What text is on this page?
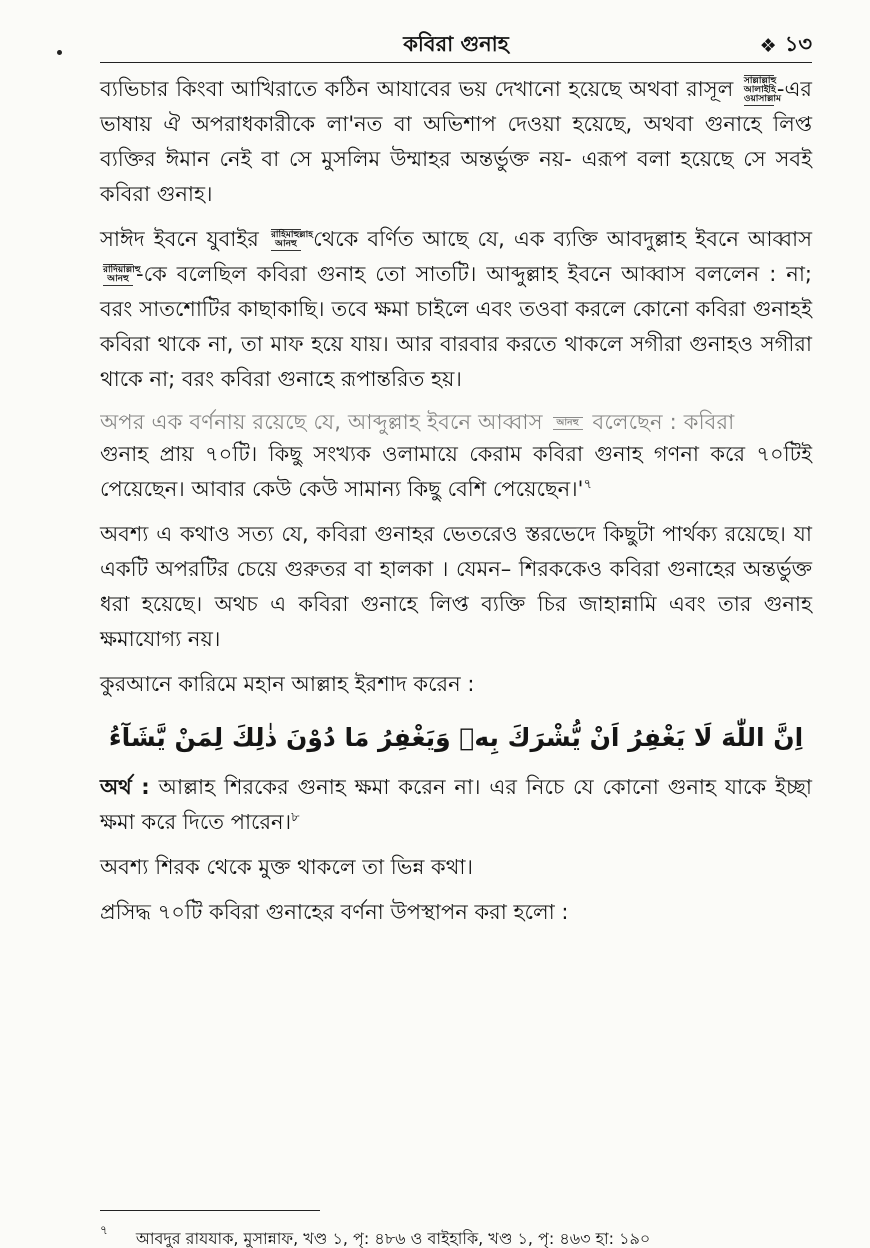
কবিরা গুনাহ	❖ ১৩

ব্যভিচার কিংবা আখিরাতে কঠিন আযাবের ভয় দেখানো হয়েছে অথবা রাসূল সাল্লাল্লাহু আলাইহি ওয়াসাল্লাম-এর ভাষায় ঐ অপরাধকারীকে লা'নত বা অভিশাপ দেওয়া হয়েছে, অথবা গুনাহে লিপ্ত ব্যক্তির ঈমান নেই বা সে মুসলিম উম্মাহর অন্তর্ভুক্ত নয়- এরূপ বলা হয়েছে সে সবই কবিরা গুনাহ।

সাঈদ ইবনে যুবাইর রাহিমাহুল্লাহ আনহু থেকে বর্ণিত আছে যে, এক ব্যক্তি আবদুল্লাহ ইবনে আব্বাস রাদিয়াল্লাহু আনহু -কে বলেছিল কবিরা গুনাহ তো সাতটি। আব্দুল্লাহ ইবনে আব্বাস বললেন : না; বরং সাতশোটির কাছাকাছি। তবে ক্ষমা চাইলে এবং তওবা করলে কোনো কবিরা গুনাহই কবিরা থাকে না, তা মাফ হয়ে যায়। আর বারবার করতে থাকলে সগীরা গুনাহও সগীরা থাকে না; বরং কবিরা গুনাহে রূপান্তরিত হয়।

অপর এক বর্ণনায় রয়েছে যে, আব্দুল্লাহ ইবনে আব্বাস আনহু বলেছেন : কবিরা

গুনাহ প্রায় ৭০টি। কিছু সংখ্যক ওলামায়ে কেরাম কবিরা গুনাহ গণনা করে ৭০টিই পেয়েছেন। আবার কেউ কেউ সামান্য কিছু বেশি $পেয়েছেন।'^৭$

অবশ্য এ কথাও সত্য যে, কবিরা গুনাহর ভেতরেও স্তরভেদে কিছুটা পার্থক্য রয়েছে। যা একটি অপরটির চেয়ে গুরুতর বা হালকা । যেমন– শিরককেও কবিরা গুনাহের অন্তর্ভুক্ত ধরা হয়েছে। অথচ এ কবিরা গুনাহে লিপ্ত ব্যক্তি চির জাহান্নামি এবং তার গুনাহ ক্ষমাযোগ্য নয়।

কুরআনে কারিমে মহান আল্লাহ ইরশাদ করেন :

اِنَّ اللّٰهَ لَا يَغْفِرُ اَنْ يُّشْرَكَ بِهٖ وَيَغْفِرُ مَا دُوْنَ ذٰلِكَ لِمَنْ يَّشَآءُ

অর্থ : আল্লাহ শিরকের গুনাহ ক্ষমা করেন না। এর নিচে যে কোনো গুনাহ যাকে ইচ্ছা ক্ষমা করে দিতে পারেন।$^৮$

অবশ্য শিরক থেকে মুক্ত থাকলে তা ভিন্ন কথা।

প্রসিদ্ধ ৭০টি কবিরা গুনাহের বর্ণনা উপস্থাপন করা হলো :

৭ আবদুর রাযযাক, মুসান্নাফ, খণ্ড ১, পৃ: ৪৮৬ ও বাইহাকি, খণ্ড ১, পৃ: ৪৬৩ হা: ১৯০
